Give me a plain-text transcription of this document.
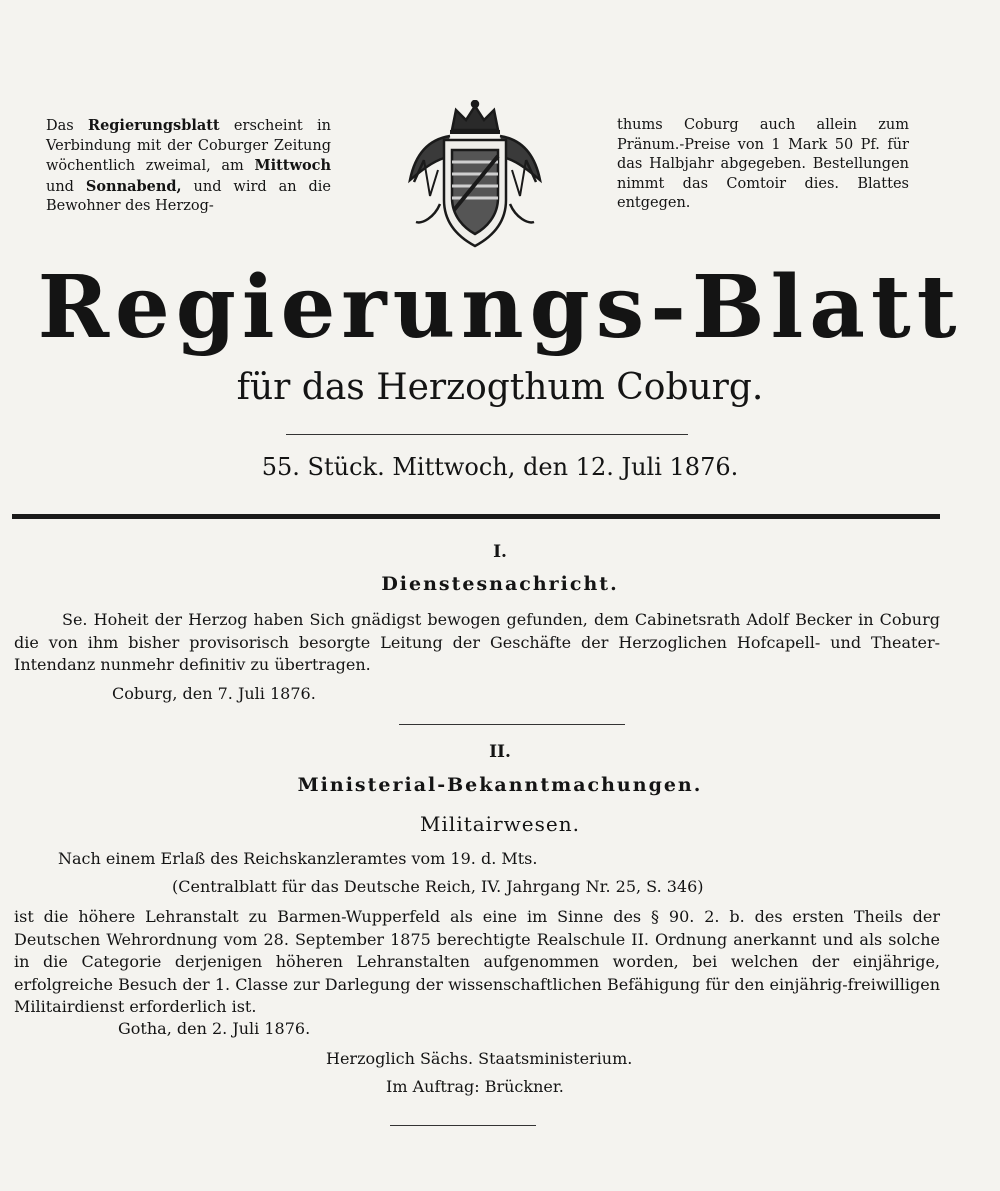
Das Regierungsblatt erscheint in Verbindung mit der Coburger Zeitung wöchentlich zweimal, am Mittwoch und Sonnabend, und wird an die Bewohner des Herzog-

thums Coburg auch allein zum Pränum.-Preise von 1 Mark 50 Pf. für das Halbjahr abgegeben. Bestellungen nimmt das Comtoir dies. Blattes entgegen.

Regierungs-Blatt
für das Herzogthum Coburg.
55. Stück. Mittwoch, den 12. Juli 1876.
I.
Dienstesnachricht.
Se. Hoheit der Herzog haben Sich gnädigst bewogen gefunden, dem Cabinetsrath Adolf Becker in Coburg die von ihm bisher provisorisch besorgte Leitung der Geschäfte der Herzoglichen Hofcapell- und Theater-Intendanz nunmehr definitiv zu übertragen.
Coburg, den 7. Juli 1876.
II.
Ministerial-Bekanntmachungen.
Militairwesen.
Nach einem Erlaß des Reichskanzleramtes vom 19. d. Mts.
(Centralblatt für das Deutsche Reich, IV. Jahrgang Nr. 25, S. 346)
ist die höhere Lehranstalt zu Barmen-Wupperfeld als eine im Sinne des § 90. 2. b. des ersten Theils der Deutschen Wehrordnung vom 28. September 1875 berechtigte Realschule II. Ordnung anerkannt und als solche in die Categorie derjenigen höheren Lehranstalten aufgenommen worden, bei welchen der einjährige, erfolgreiche Besuch der 1. Classe zur Darlegung der wissenschaftlichen Befähigung für den einjährig-freiwilligen Militairdienst erforderlich ist.
Gotha, den 2. Juli 1876.
Herzoglich Sächs. Staatsministerium.
Im Auftrag: Brückner.
